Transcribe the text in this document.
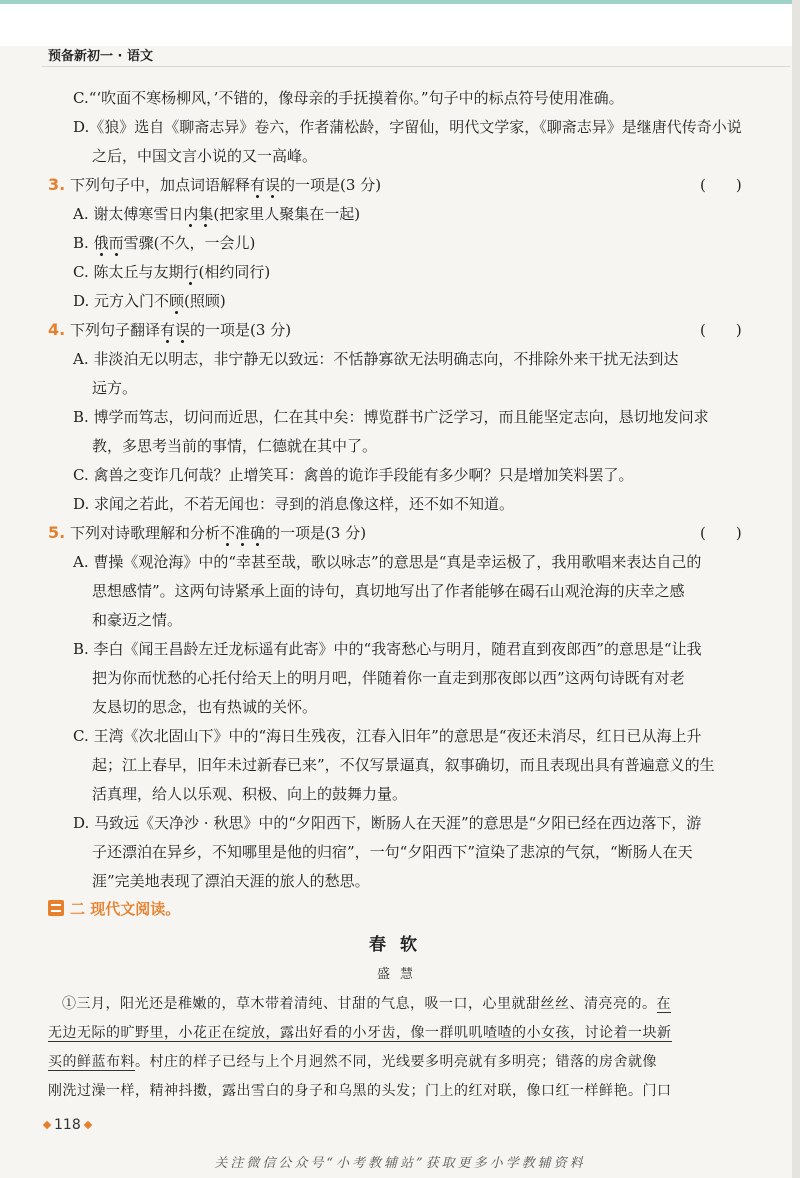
预备新初一 · 语文
C.“‘吹面不寒杨柳风，’不错的，像母亲的手抚摸着你。”句子中的标点符号使用准确。
D.《狼》选自《聊斋志异》卷六，作者蒲松龄，字留仙，明代文学家，《聊斋志异》是继唐代传奇小说
之后，中国文言小说的又一高峰。
3. 下列句子中，加点词语解释有误的一项是(3 分)	(　　)
A. 谢太傅寒雪日内集(把家里人聚集在一起)
B. 俄而雪骤(不久，一会儿)
C. 陈太丘与友期行(相约同行)
D. 元方入门不顾(照顾)
4. 下列句子翻译有误的一项是(3 分)	(　　)
A. 非淡泊无以明志，非宁静无以致远：不恬静寡欲无法明确志向，不排除外来干扰无法到达
远方。
B. 博学而笃志，切问而近思，仁在其中矣：博览群书广泛学习，而且能坚定志向，恳切地发问求
教，多思考当前的事情，仁德就在其中了。
C. 禽兽之变诈几何哉？止增笑耳：禽兽的诡诈手段能有多少啊？只是增加笑料罢了。
D. 求闻之若此，不若无闻也：寻到的消息像这样，还不如不知道。
5. 下列对诗歌理解和分析不准确的一项是(3 分)	(　　)
A. 曹操《观沧海》中的“幸甚至哉，歌以咏志”的意思是“真是幸运极了，我用歌唱来表达自己的
思想感情”。这两句诗紧承上面的诗句，真切地写出了作者能够在碣石山观沧海的庆幸之感
和豪迈之情。
B. 李白《闻王昌龄左迁龙标遥有此寄》中的“我寄愁心与明月，随君直到夜郎西”的意思是“让我
把为你而忧愁的心托付给天上的明月吧，伴随着你一直走到那夜郎以西”这两句诗既有对老
友恳切的思念，也有热诚的关怀。
C. 王湾《次北固山下》中的“海日生残夜，江春入旧年”的意思是“夜还未消尽，红日已从海上升
起；江上春早，旧年未过新春已来”，不仅写景逼真，叙事确切，而且表现出具有普遍意义的生
活真理，给人以乐观、积极、向上的鼓舞力量。
D. 马致远《天净沙 · 秋思》中的“夕阳西下，断肠人在天涯”的意思是“夕阳已经在西边落下，游
子还漂泊在异乡，不知哪里是他的归宿”，一句“夕阳西下”渲染了悲凉的气氛，“断肠人在天
涯”完美地表现了漂泊天涯的旅人的愁思。
二 现代文阅读。
春软
盛慧
①三月，阳光还是稚嫩的，草木带着清纯、甘甜的气息，吸一口，心里就甜丝丝、清亮亮的。在
无边无际的旷野里，小花正在绽放，露出好看的小牙齿，像一群叽叽喳喳的小女孩，讨论着一块新
买的鲜蓝布料。村庄的样子已经与上个月迥然不同，光线要多明亮就有多明亮；错落的房舍就像
刚洗过澡一样，精神抖擞，露出雪白的身子和乌黑的头发；门上的红对联，像口红一样鲜艳。门口
118
关注微信公众号“小考教辅站”获取更多小学教辅资料
